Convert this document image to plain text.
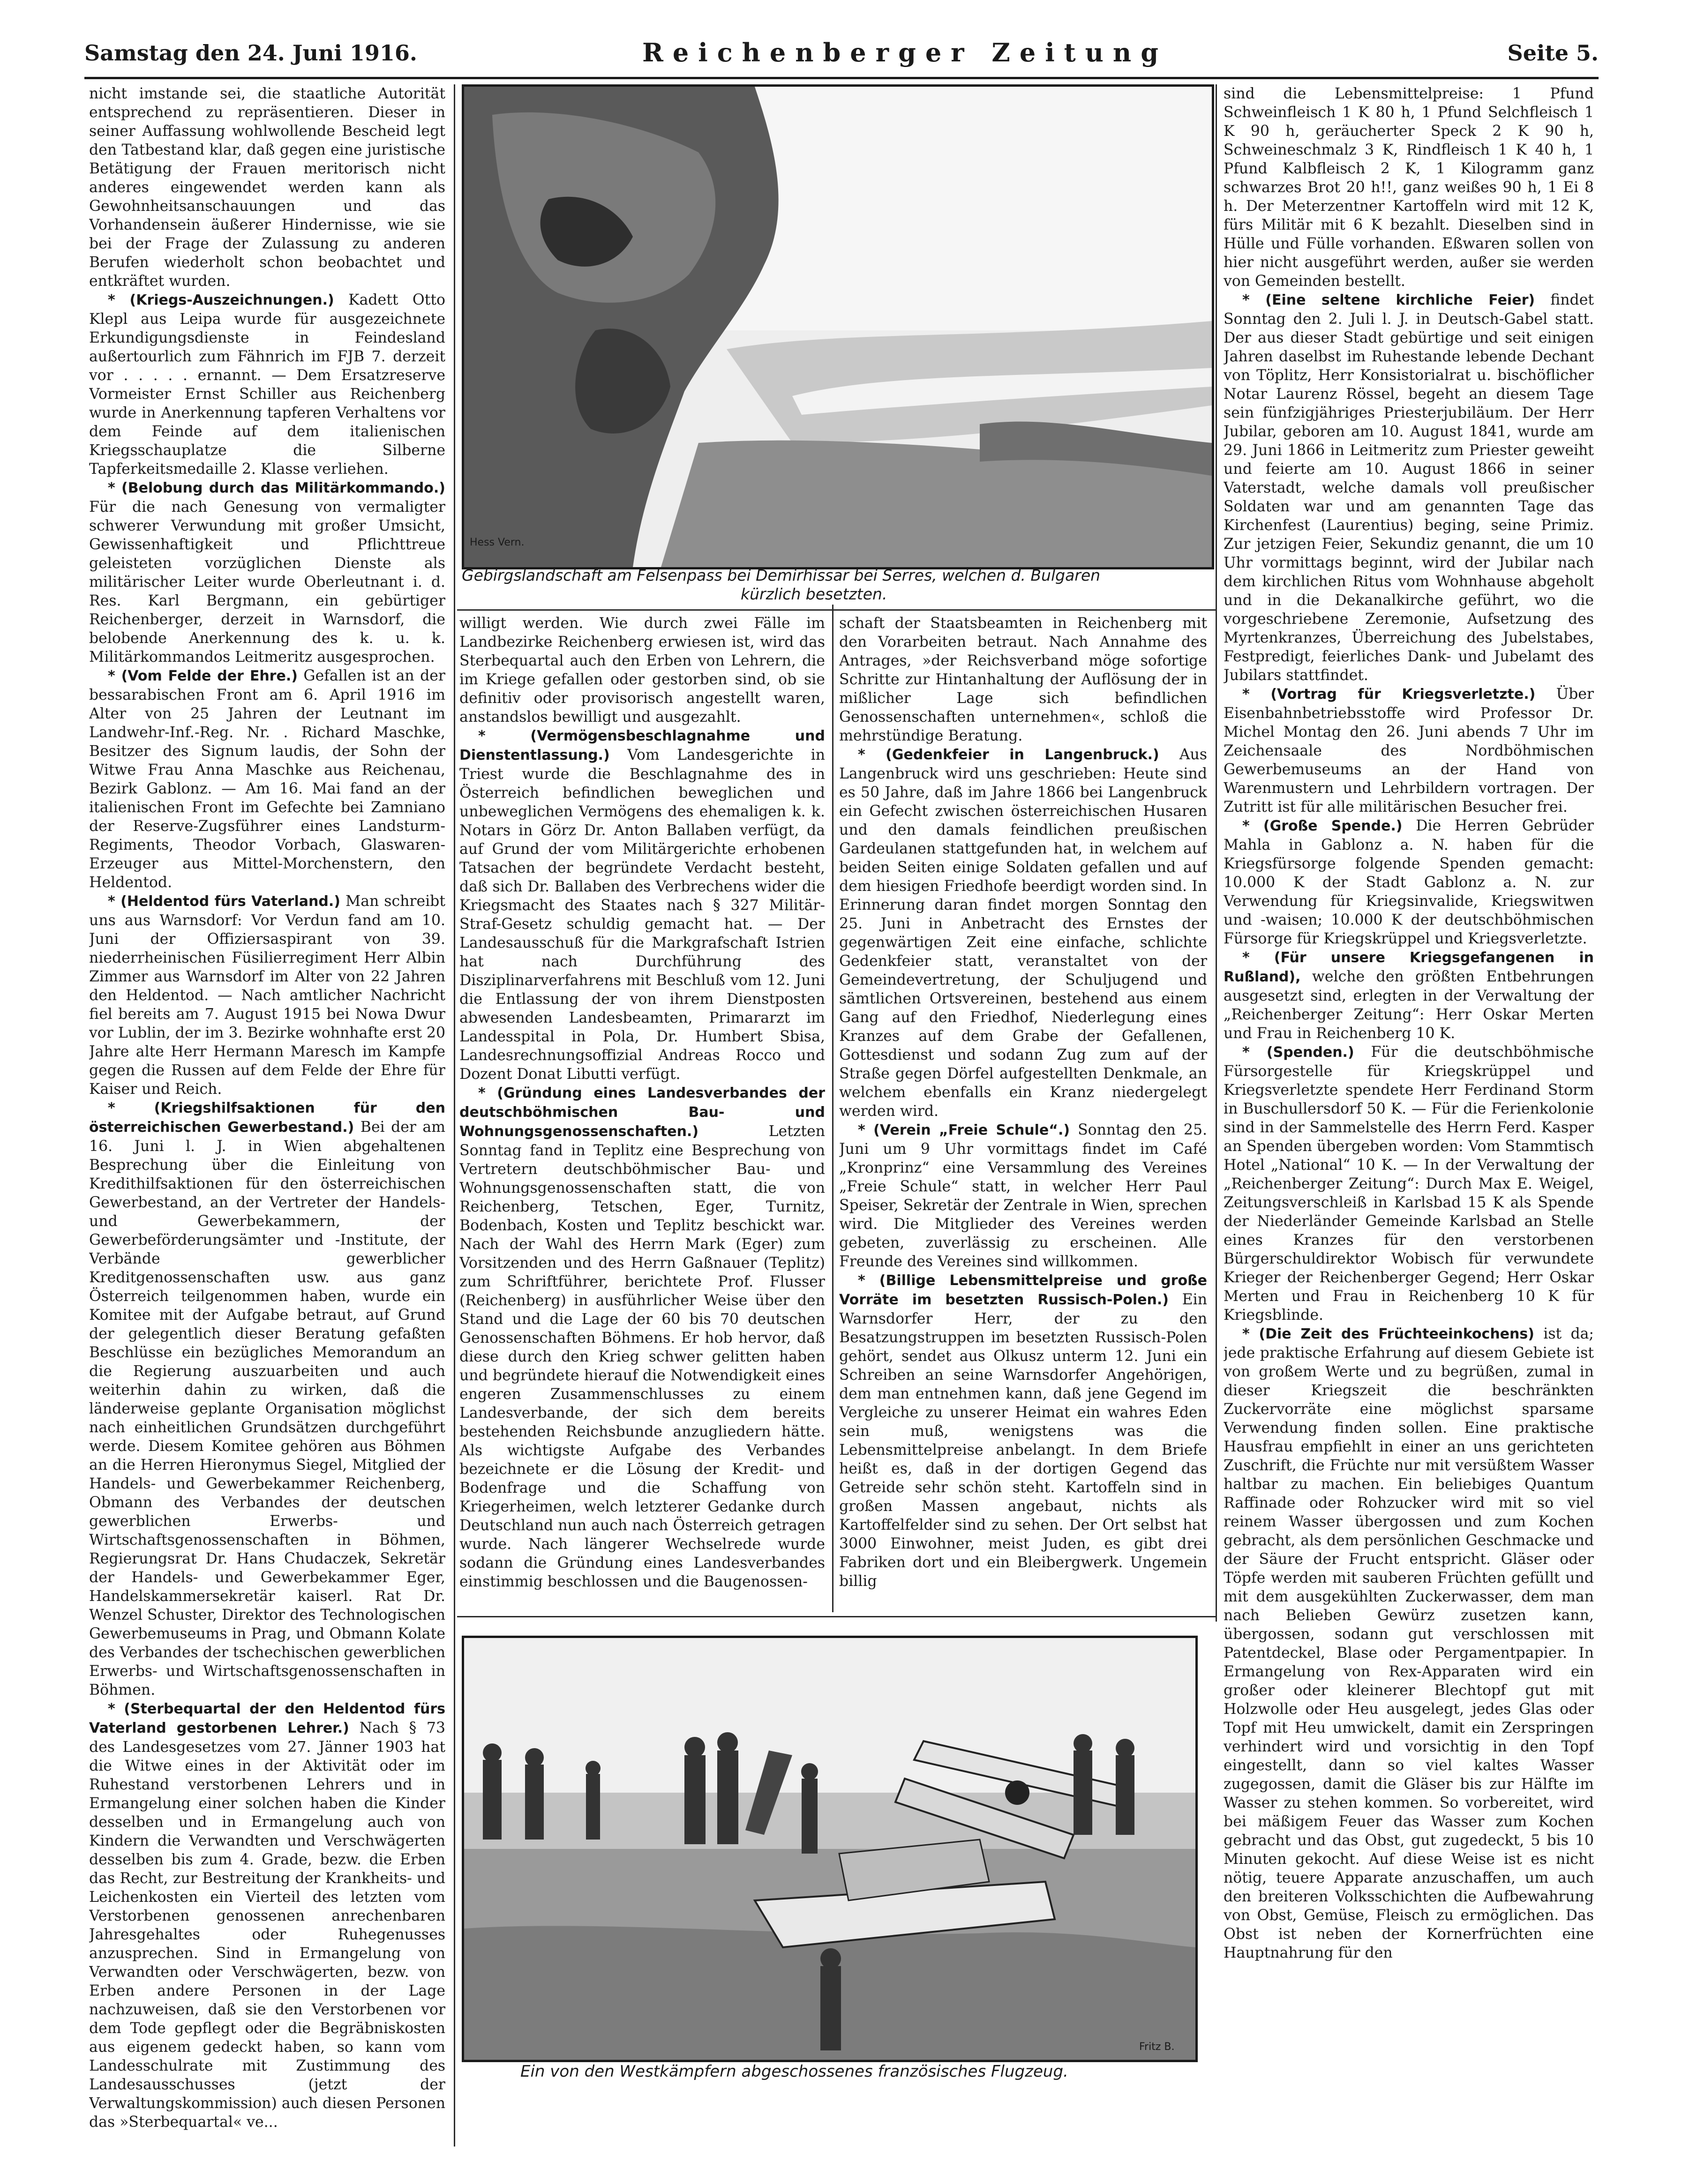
Samstag den 24. Juni 1916.	Reichenberger Zeitung	Seite 5.

nicht imstande sei, die staatliche Autorität entsprechend zu repräsentieren. Dieser in seiner Auffassung wohlwollende Bescheid legt den Tatbestand klar, daß gegen eine juristische Betätigung der Frauen meritorisch nicht anderes eingewendet werden kann als Gewohnheitsanschauungen und das Vorhandensein äußerer Hindernisse, wie sie bei der Frage der Zulassung zu anderen Berufen wiederholt schon beobachtet und entkräftet wurden.

* (Kriegs-Auszeichnungen.) Kadett Otto Klepl aus Leipa wurde für ausgezeichnete Erkundigungsdienste in Feindesland außertourlich zum Fähnrich im FJB 7. derzeit vor . . . . . ernannt. — Dem Ersatzreserve Vormeister Ernst Schiller aus Reichenberg wurde in Anerkennung tapferen Verhaltens vor dem Feinde auf dem italienischen Kriegsschauplatze die Silberne Tapferkeitsmedaille 2. Klasse verliehen.

* (Belobung durch das Militärkommando.) Für die nach Genesung von vermaligter schwerer Verwundung mit großer Umsicht, Gewissenhaftigkeit und Pflichttreue geleisteten vorzüglichen Dienste als militärischer Leiter wurde Oberleutnant i. d. Res. Karl Bergmann, ein gebürtiger Reichenberger, derzeit in Warnsdorf, die belobende Anerkennung des k. u. k. Militärkommandos Leitmeritz ausgesprochen.

* (Vom Felde der Ehre.) Gefallen ist an der bessarabischen Front am 6. April 1916 im Alter von 25 Jahren der Leutnant im Landwehr-Inf.-Reg. Nr. . Richard Maschke, Besitzer des Signum laudis, der Sohn der Witwe Frau Anna Maschke aus Reichenau, Bezirk Gablonz. — Am 16. Mai fand an der italienischen Front im Gefechte bei Zamniano der Reserve-Zugsführer eines Landsturm-Regiments, Theodor Vorbach, Glaswaren-Erzeuger aus Mittel-Morchenstern, den Heldentod.

* (Heldentod fürs Vaterland.) Man schreibt uns aus Warnsdorf: Vor Verdun fand am 10. Juni der Offiziersaspirant von 39. niederrheinischen Füsilierregiment Herr Albin Zimmer aus Warnsdorf im Alter von 22 Jahren den Heldentod. — Nach amtlicher Nachricht fiel bereits am 7. August 1915 bei Nowa Dwur vor Lublin, der im 3. Bezirke wohnhafte erst 20 Jahre alte Herr Hermann Maresch im Kampfe gegen die Russen auf dem Felde der Ehre für Kaiser und Reich.

* (Kriegshilfsaktionen für den österreichischen Gewerbestand.) Bei der am 16. Juni l. J. in Wien abgehaltenen Besprechung über die Einleitung von Kredithilfsaktionen für den österreichischen Gewerbestand, an der Vertreter der Handels- und Gewerbekammern, der Gewerbeförderungsämter und -Institute, der Verbände gewerblicher Kreditgenossenschaften usw. aus ganz Österreich teilgenommen haben, wurde ein Komitee mit der Aufgabe betraut, auf Grund der gelegentlich dieser Beratung gefaßten Beschlüsse ein bezügliches Memorandum an die Regierung auszuarbeiten und auch weiterhin dahin zu wirken, daß die länderweise geplante Organisation möglichst nach einheitlichen Grundsätzen durchgeführt werde. Diesem Komitee gehören aus Böhmen an die Herren Hieronymus Siegel, Mitglied der Handels- und Gewerbekammer Reichenberg, Obmann des Verbandes der deutschen gewerblichen Erwerbs- und Wirtschaftsgenossenschaften in Böhmen, Regierungsrat Dr. Hans Chudaczek, Sekretär der Handels- und Gewerbekammer Eger, Handelskammersekretär kaiserl. Rat Dr. Wenzel Schuster, Direktor des Technologischen Gewerbemuseums in Prag, und Obmann Kolate des Verbandes der tschechischen gewerblichen Erwerbs- und Wirtschaftsgenossenschaften in Böhmen.

* (Sterbequartal der den Heldentod fürs Vaterland gestorbenen Lehrer.) Nach § 73 des Landesgesetzes vom 27. Jänner 1903 hat die Witwe eines in der Aktivität oder im Ruhestand verstorbenen Lehrers und in Ermangelung einer solchen haben die Kinder desselben und in Ermangelung auch von Kindern die Verwandten und Verschwägerten desselben bis zum 4. Grade, bezw. die Erben das Recht, zur Bestreitung der Krankheits- und Leichenkosten ein Vierteil des letzten vom Verstorbenen genossenen anrechenbaren Jahresgehaltes oder Ruhegenusses anzusprechen. Sind in Ermangelung von Verwandten oder Verschwägerten, bezw. von Erben andere Personen in der Lage nachzuweisen, daß sie den Verstorbenen vor dem Tode gepflegt oder die Begräbniskosten aus eigenem gedeckt haben, so kann vom Landesschulrate mit Zustimmung des Landesausschusses (jetzt der Verwaltungskommission) auch diesen Personen das »Sterbequartal« ve...

Hess Vern.
Gebirgslandschaft am Felsenpass bei Demirhissar bei Serres, welchen d. Bulgaren
kürzlich besetzten.

willigt werden. Wie durch zwei Fälle im Landbezirke Reichenberg erwiesen ist, wird das Sterbequartal auch den Erben von Lehrern, die im Kriege gefallen oder gestorben sind, ob sie definitiv oder provisorisch angestellt waren, anstandslos bewilligt und ausgezahlt.

* (Vermögensbeschlagnahme und Dienstentlassung.) Vom Landesgerichte in Triest wurde die Beschlagnahme des in Österreich befindlichen beweglichen und unbeweglichen Vermögens des ehemaligen k. k. Notars in Görz Dr. Anton Ballaben verfügt, da auf Grund der vom Militärgerichte erhobenen Tatsachen der begründete Verdacht besteht, daß sich Dr. Ballaben des Verbrechens wider die Kriegsmacht des Staates nach § 327 Militär-Straf-Gesetz schuldig gemacht hat. — Der Landesausschuß für die Markgrafschaft Istrien hat nach Durchführung des Disziplinarverfahrens mit Beschluß vom 12. Juni die Entlassung der von ihrem Dienstposten abwesenden Landesbeamten, Primararzt im Landesspital in Pola, Dr. Humbert Sbisa, Landesrechnungsoffizial Andreas Rocco und Dozent Donat Libutti verfügt.

* (Gründung eines Landesverbandes der deutschböhmischen Bau- und Wohnungsgenossenschaften.)	Letzten Sonntag fand in Teplitz eine Besprechung von Vertretern deutschböhmischer Bau- und Wohnungsgenossenschaften statt, die von Reichenberg, Tetschen, Eger, Turnitz, Bodenbach, Kosten und Teplitz beschickt war. Nach der Wahl des Herrn Mark (Eger) zum Vorsitzenden und des Herrn Gaßnauer (Teplitz) zum Schriftführer, berichtete Prof. Flusser (Reichenberg) in ausführlicher Weise über den Stand und die Lage der 60 bis 70 deutschen Genossenschaften Böhmens. Er hob hervor, daß diese durch den Krieg schwer gelitten haben und begründete hierauf die Notwendigkeit eines engeren Zusammenschlusses zu einem Landesverbande, der sich dem bereits bestehenden Reichsbunde anzugliedern hätte. Als wichtigste Aufgabe des Verbandes bezeichnete er die Lösung der Kredit- und Bodenfrage und die Schaffung von Kriegerheimen, welch letzterer Gedanke durch Deutschland nun auch nach Österreich getragen wurde. Nach längerer Wechselrede wurde sodann die Gründung eines Landesverbandes einstimmig beschlossen und die Baugenossen-

schaft der Staatsbeamten in Reichenberg mit den Vorarbeiten betraut. Nach Annahme des Antrages, »der Reichsverband möge sofortige Schritte zur Hintanhaltung der Auflösung der in mißlicher Lage sich befindlichen Genossenschaften unternehmen«, schloß die mehrstündige Beratung.

* (Gedenkfeier in Langenbruck.) Aus Langenbruck wird uns geschrieben: Heute sind es 50 Jahre, daß im Jahre 1866 bei Langenbruck ein Gefecht zwischen österreichischen Husaren und den damals feindlichen preußischen Gardeulanen stattgefunden hat, in welchem auf beiden Seiten einige Soldaten gefallen und auf dem hiesigen Friedhofe beerdigt worden sind. In Erinnerung daran findet morgen Sonntag den 25. Juni in Anbetracht des Ernstes der gegenwärtigen Zeit eine einfache, schlichte Gedenkfeier statt, veranstaltet von der Gemeindevertretung, der Schuljugend und sämtlichen Ortsvereinen, bestehend aus einem Gang auf den Friedhof, Niederlegung eines Kranzes auf dem Grabe der Gefallenen, Gottesdienst und sodann Zug zum auf der Straße gegen Dörfel aufgestellten Denkmale, an welchem ebenfalls ein Kranz niedergelegt werden wird.

* (Verein „Freie Schule“.) Sonntag den 25. Juni um 9 Uhr vormittags findet im Café „Kronprinz“ eine Versammlung des Vereines „Freie Schule“ statt, in welcher Herr Paul Speiser, Sekretär der Zentrale in Wien, sprechen wird. Die Mitglieder des Vereines werden gebeten, zuverlässig zu erscheinen. Alle Freunde des Vereines sind willkommen.

* (Billige Lebensmittelpreise und große Vorräte im besetzten Russisch-Polen.) Ein Warnsdorfer Herr, der zu den Besatzungstruppen im besetzten Russisch-Polen gehört, sendet aus Olkusz unterm 12. Juni ein Schreiben an seine Warnsdorfer Angehörigen, dem man entnehmen kann, daß jene Gegend im Vergleiche zu unserer Heimat ein wahres Eden sein muß, wenigstens was die Lebensmittelpreise anbelangt. In dem Briefe heißt es, daß in der dortigen Gegend das Getreide sehr schön steht. Kartoffeln sind in großen Massen angebaut, nichts als Kartoffelfelder sind zu sehen. Der Ort selbst hat 3000 Einwohner, meist Juden, es gibt drei Fabriken dort und ein Bleibergwerk. Ungemein billig

Fritz B.
Ein von den Westkämpfern abgeschossenes französisches Flugzeug.

sind die Lebensmittelpreise: 1 Pfund Schweinfleisch 1 K 80 h, 1 Pfund Selchfleisch 1 K 90 h, geräucherter Speck 2 K 90 h, Schweineschmalz 3 K, Rindfleisch 1 K 40 h, 1 Pfund Kalbfleisch 2 K, 1 Kilogramm ganz schwarzes Brot 20 h!!, ganz weißes 90 h, 1 Ei 8 h. Der Meterzentner Kartoffeln wird mit 12 K, fürs Militär mit 6 K bezahlt. Dieselben sind in Hülle und Fülle vorhanden. Eßwaren sollen von hier nicht ausgeführt werden, außer sie werden von Gemeinden bestellt.

* (Eine seltene kirchliche Feier) findet Sonntag den 2. Juli l. J. in Deutsch-Gabel statt. Der aus dieser Stadt gebürtige und seit einigen Jahren daselbst im Ruhestande lebende Dechant von Töplitz, Herr Konsistorialrat u. bischöflicher Notar Laurenz Rössel, begeht an diesem Tage sein fünfzigjähriges Priesterjubiläum. Der Herr Jubilar, geboren am 10. August 1841, wurde am 29. Juni 1866 in Leitmeritz zum Priester geweiht und feierte am 10. August 1866 in seiner Vaterstadt, welche damals voll preußischer Soldaten war und am genannten Tage das Kirchenfest (Laurentius) beging, seine Primiz. Zur jetzigen Feier, Sekundiz genannt, die um 10 Uhr vormittags beginnt, wird der Jubilar nach dem kirchlichen Ritus vom Wohnhause abgeholt und in die Dekanalkirche geführt, wo die vorgeschriebene Zeremonie, Aufsetzung des Myrtenkranzes, Überreichung des Jubelstabes, Festpredigt, feierliches Dank- und Jubelamt des Jubilars stattfindet.

* (Vortrag für Kriegsverletzte.) Über Eisenbahnbetriebsstoffe wird Professor Dr. Michel Montag den 26. Juni abends 7 Uhr im Zeichensaale des Nordböhmischen Gewerbemuseums an der Hand von Warenmustern und Lehrbildern vortragen. Der Zutritt ist für alle militärischen Besucher frei.

* (Große Spende.) Die Herren Gebrüder Mahla in Gablonz a. N. haben für die Kriegsfürsorge folgende Spenden gemacht: 10.000 K der Stadt Gablonz a. N. zur Verwendung für Kriegsinvalide, Kriegswitwen und -waisen; 10.000 K der deutschböhmischen Fürsorge für Kriegskrüppel und Kriegsverletzte.

* (Für unsere Kriegsgefangenen in Rußland), welche den größten Entbehrungen ausgesetzt sind, erlegten in der Verwaltung der „Reichenberger Zeitung“: Herr Oskar Merten und Frau in Reichenberg 10 K.

* (Spenden.) Für die deutschböhmische Fürsorgestelle für Kriegskrüppel und Kriegsverletzte spendete Herr Ferdinand Storm in Buschullersdorf 50 K. — Für die Ferienkolonie sind in der Sammelstelle des Herrn Ferd. Kasper an Spenden übergeben worden: Vom Stammtisch Hotel „National“ 10 K. — In der Verwaltung der „Reichenberger Zeitung“: Durch Max E. Weigel, Zeitungsverschleiß in Karlsbad 15 K als Spende der Niederländer Gemeinde Karlsbad an Stelle eines Kranzes für den verstorbenen Bürgerschuldirektor Wobisch für verwundete Krieger der Reichenberger Gegend; Herr Oskar Merten und Frau in Reichenberg 10 K für Kriegsblinde.

* (Die Zeit des Früchteeinkochens) ist da; jede praktische Erfahrung auf diesem Gebiete ist von großem Werte und zu begrüßen, zumal in dieser Kriegszeit die beschränkten Zuckervorräte eine möglichst sparsame Verwendung finden sollen. Eine praktische Hausfrau empfiehlt in einer an uns gerichteten Zuschrift, die Früchte nur mit versüßtem Wasser haltbar zu machen. Ein beliebiges Quantum Raffinade oder Rohzucker wird mit so viel reinem Wasser übergossen und zum Kochen gebracht, als dem persönlichen Geschmacke und der Säure der Frucht entspricht. Gläser oder Töpfe werden mit sauberen Früchten gefüllt und mit dem ausgekühlten Zuckerwasser, dem man nach Belieben Gewürz zusetzen kann, übergossen, sodann gut verschlossen mit Patentdeckel, Blase oder Pergamentpapier. In Ermangelung von Rex-Apparaten wird ein großer oder kleinerer Blechtopf gut mit Holzwolle oder Heu ausgelegt, jedes Glas oder Topf mit Heu umwickelt, damit ein Zerspringen verhindert wird und vorsichtig in den Topf eingestellt, dann so viel kaltes Wasser zugegossen, damit die Gläser bis zur Hälfte im Wasser zu stehen kommen. So vorbereitet, wird bei mäßigem Feuer das Wasser zum Kochen gebracht und das Obst, gut zugedeckt, 5 bis 10 Minuten gekocht. Auf diese Weise ist es nicht nötig, teuere Apparate anzuschaffen, um auch den breiteren Volksschichten die Aufbewahrung von Obst, Gemüse, Fleisch zu ermöglichen. Das Obst ist neben der Kornerfrüchten eine Hauptnahrung für den
